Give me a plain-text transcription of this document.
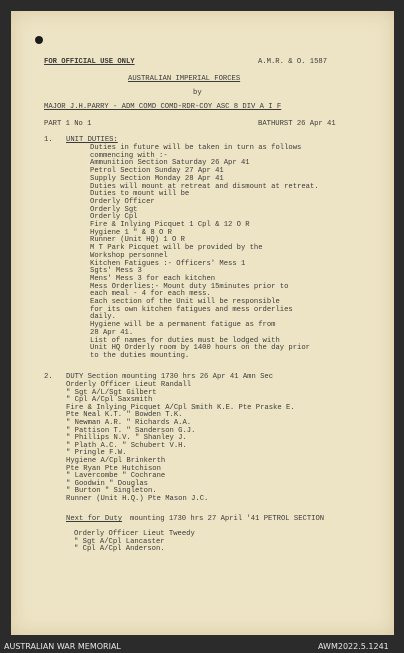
FOR OFFICIAL USE ONLY	A.M.R. & O. 1587
AUSTRALIAN IMPERIAL FORCES
by
MAJOR J.H.PARRY - ADM COMD COMD-RDR-COY ASC 8 DIV A I F
PART 1 No 1	BATHURST 26 Apr 41
1. UNIT DUTIES:
Duties in future will be taken in turn as follows
commencing with :-
Ammunition Section Saturday 26 Apr 41
Petrol Section Sunday 27 Apr 41
Supply Section Monday 28 Apr 41
Duties will mount at retreat and dismount at retreat.
Duties to mount will be
Orderly Officer
Orderly Sgt
Orderly Cpl
Fire & Inlying Picquet 1 Cpl & 12 O R
Hygiene 1 " & 8 O R
Runner (Unit HQ) 1 O R
M T Park Picquet will be provided by the
Workshop personnel
Kitchen Fatigues :- Officers' Mess 1
Sgts' Mess 3
Mens' Mess 3 for each kitchen
Mess Orderlies:- Mount duty 15minutes prior to
each meal - 4 for each mess.
Each section of the Unit will be responsible
for its own kitchen fatigues and mess orderlies
daily.
Hygiene will be a permanent fatigue as from
28 Apr 41.
List of names for duties must be lodged with
Unit HQ Orderly room by 1400 hours on the day prior
to the duties mounting.
2. DUTY Section mounting 1730 hrs 26 Apr 41 Amn Sec
Orderly Officer Lieut Randall
" Sgt A/L/Sgt Gilbert
" Cpl A/Cpl Saxsmith
Fire & Inlying Picquet A/Cpl Smith K.E. Pte Praske E.
Pte Neal K.T. " Bowden T.K.
" Newman A.R. " Richards A.A.
" Pattison T. " Sanderson G.J.
" Phillips N.V. " Shanley J.
" Plath A.C. " Schubert V.H.
" Pringle F.W.
Hygiene A/Cpl Brinkerth
Pte Ryan Pte Hutchison
" Lavercombe " Cochrane
" Goodwin " Douglas
" Burton " Singleton.
Runner (Unit H.Q.) Pte Mason J.C.
Next for Duty mounting 1730 hrs 27 April '41 PETROL SECTION
Orderly Officer Lieut Tweedy
" Sgt A/Cpl Lancaster
" Cpl A/Cpl Anderson.
AUSTRALIAN WAR MEMORIAL	AWM2022.5.1241
